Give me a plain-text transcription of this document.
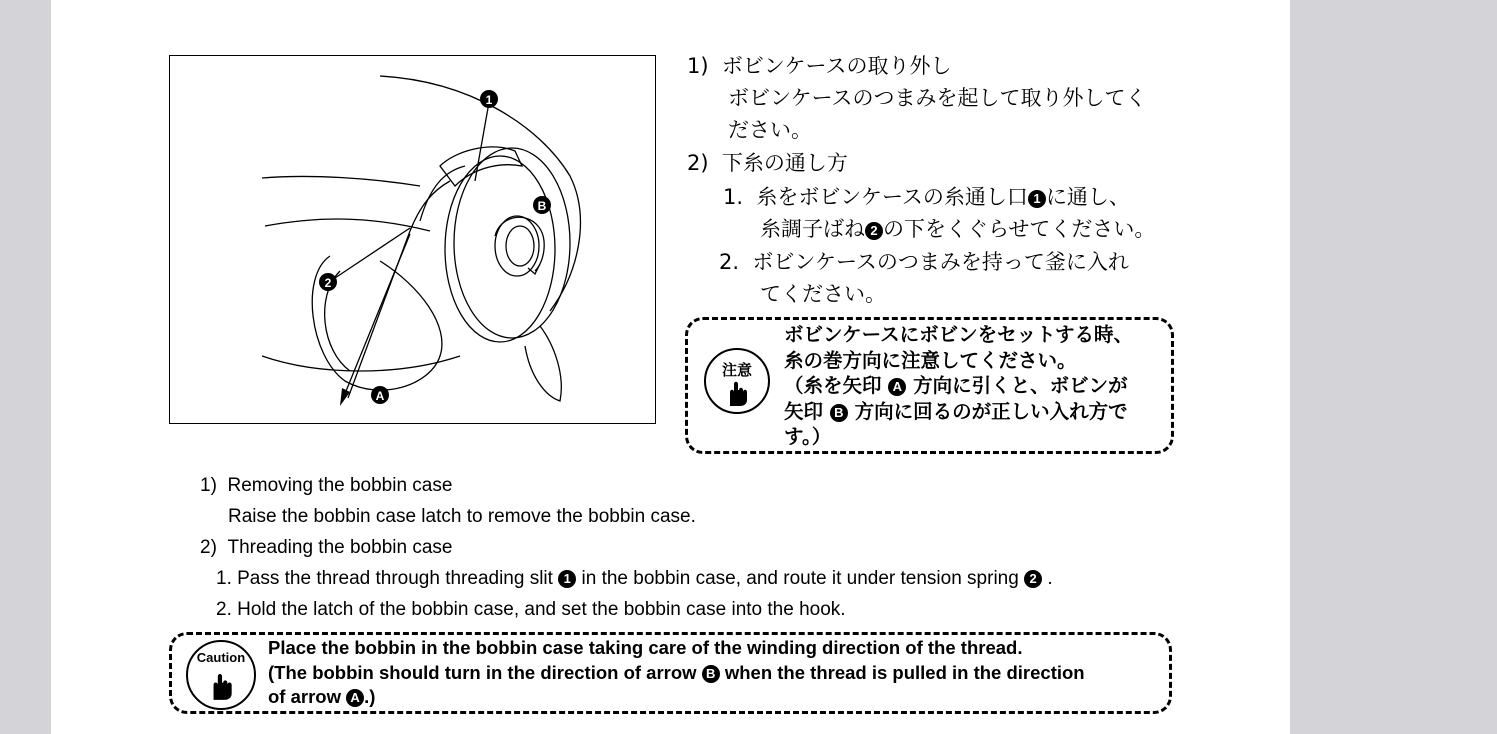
1
B
2
A
1) ボビンケースの取り外し
ボビンケースのつまみを起して取り外してく
ださい。
2) 下糸の通し方
1. 糸をボビンケースの糸通し口 1 に通し、
糸調子ばね 2 の下をくぐらせてください。
2. ボビンケースのつまみを持って釜に入れ
てください。
注意
ボビンケースにボビンをセットする時、
糸の巻方向に注意してください。
（糸を矢印 A 方向に引くと、ボビンが
矢印 B 方向に回るのが正しい入れ方で
す。）
1) Removing the bobbin case
Raise the bobbin case latch to remove the bobbin case.
2) Threading the bobbin case
1. Pass the thread through threading slit 1 in the bobbin case, and route it under tension spring 2 .
2. Hold the latch of the bobbin case, and set the bobbin case into the hook.
Caution	Place the bobbin in the bobbin case taking care of the winding direction of the thread.
(The bobbin should turn in the direction of arrow B when the thread is pulled in the direction
of arrow A .)
